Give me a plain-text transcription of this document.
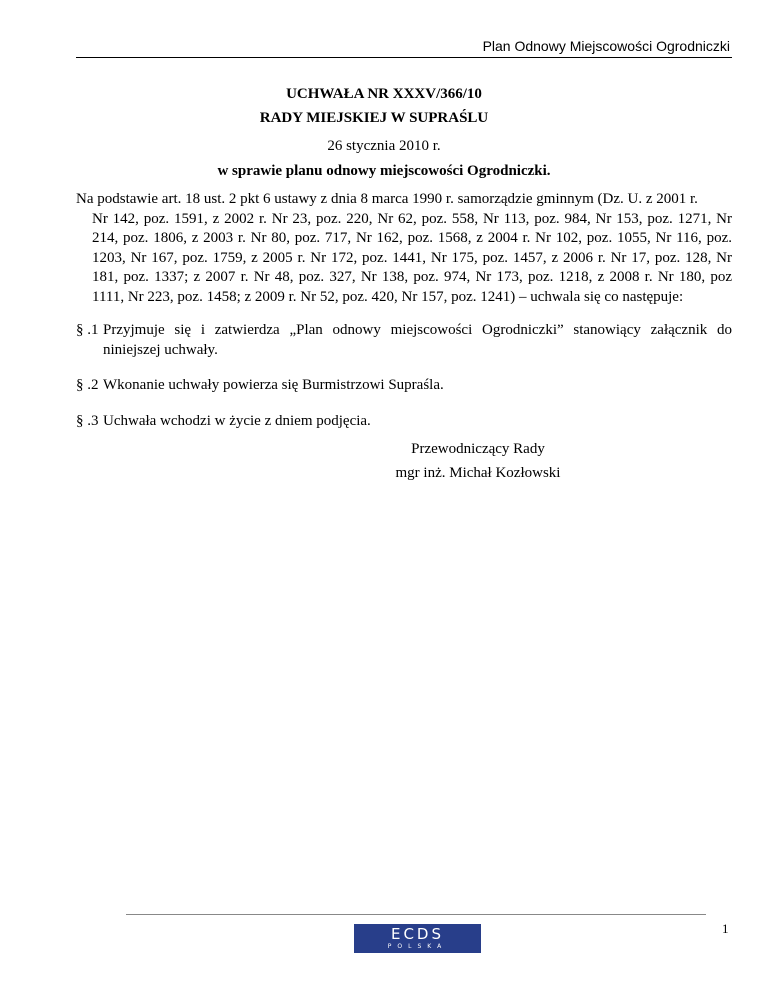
Plan Odnowy Miejscowości Ogrodniczki
UCHWAŁA NR XXXV/366/10
RADY MIEJSKIEJ W SUPRAŚLU
26 stycznia 2010 r.
w sprawie planu odnowy miejscowości Ogrodniczki.
Na podstawie art. 18 ust. 2 pkt 6 ustawy z dnia 8 marca 1990 r. samorządzie gminnym (Dz. U. z 2001 r.
Nr 142, poz. 1591, z 2002 r. Nr 23, poz. 220, Nr 62, poz. 558, Nr 113, poz. 984, Nr 153, poz. 1271, Nr 214, poz. 1806, z 2003 r. Nr 80, poz. 717, Nr 162, poz. 1568, z 2004 r. Nr 102, poz. 1055, Nr 116, poz. 1203, Nr 167, poz. 1759, z 2005 r. Nr 172, poz. 1441, Nr 175, poz. 1457, z 2006 r. Nr 17, poz. 128, Nr 181, poz. 1337; z 2007 r. Nr 48, poz. 327, Nr 138, poz. 974, Nr 173, poz. 1218, z 2008 r. Nr 180, poz 1111, Nr 223, poz. 1458; z 2009 r. Nr 52, poz. 420, Nr 157, poz. 1241) – uchwala się co następuje:
§ .1 Przyjmuje się i zatwierdza „Plan odnowy miejscowości Ogrodniczki” stanowiący załącznik do niniejszej uchwały.
§ .2 Wkonanie uchwały powierza się Burmistrzowi Supraśla.
§ .3 Uchwała wchodzi w życie z dniem podjęcia.
Przewodniczący Rady
mgr inż. Michał Kozłowski
ECDS
POLSKA
1
